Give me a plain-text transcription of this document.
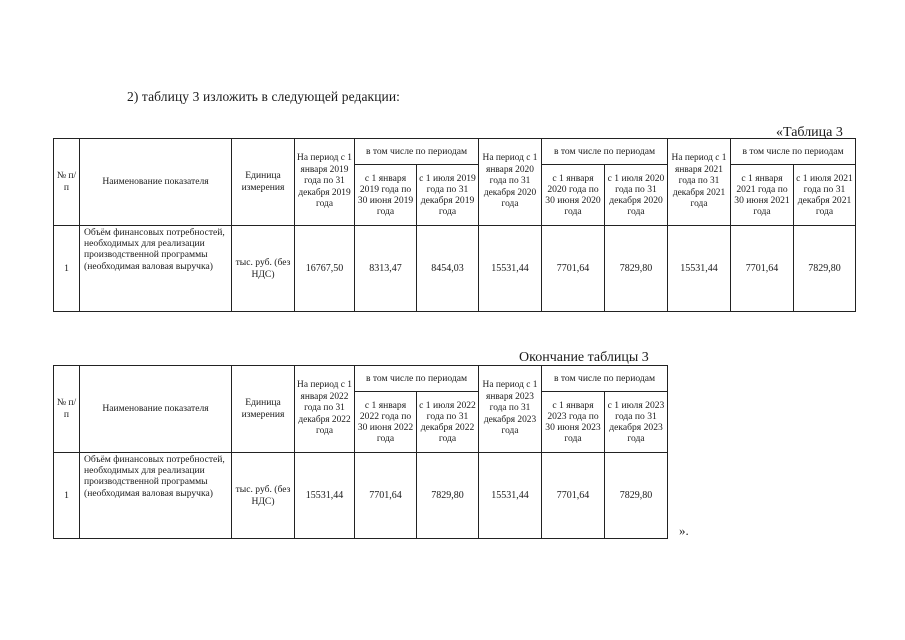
2) таблицу 3 изложить в следующей редакции:
«Таблица 3
№ п/п	Наименование показателя	Единица измерения	На период с 1 января 2019 года по 31 декабря 2019 года	в том числе по периодам		На период с 1 января 2020 года по 31 декабря 2020 года	в том числе по периодам		На период с 1 января 2021 года по 31 декабря 2021 года	в том числе по периодам	
				с 1 января 2019 года по 30 июня 2019 года	с 1 июля 2019 года по 31 декабря 2019 года		с 1 января 2020 года по 30 июня 2020 года	с 1 июля 2020 года по 31 декабря 2020 года		с 1 января 2021 года по 30 июня 2021 года	с 1 июля 2021 года по 31 декабря 2021 года
1	Объём финансовых потребностей, необходимых для реализации производственной программы (необходимая валовая выручка)	тыс. руб. (без НДС)	16767,50	8313,47	8454,03	15531,44	7701,64	7829,80	15531,44	7701,64	7829,80
Окончание таблицы 3
№ п/п	Наименование показателя	Единица измерения	На период с 1 января 2022 года по 31 декабря 2022 года	в том числе по периодам		На период с 1 января 2023 года по 31 декабря 2023 года	в том числе по периодам	
				с 1 января 2022 года по 30 июня 2022 года	с 1 июля 2022 года по 31 декабря 2022 года		с 1 января 2023 года по 30 июня 2023 года	с 1 июля 2023 года по 31 декабря 2023 года
1	Объём финансовых потребностей, необходимых для реализации производственной программы (необходимая валовая выручка)	тыс. руб. (без НДС)	15531,44	7701,64	7829,80	15531,44	7701,64	7829,80
».
